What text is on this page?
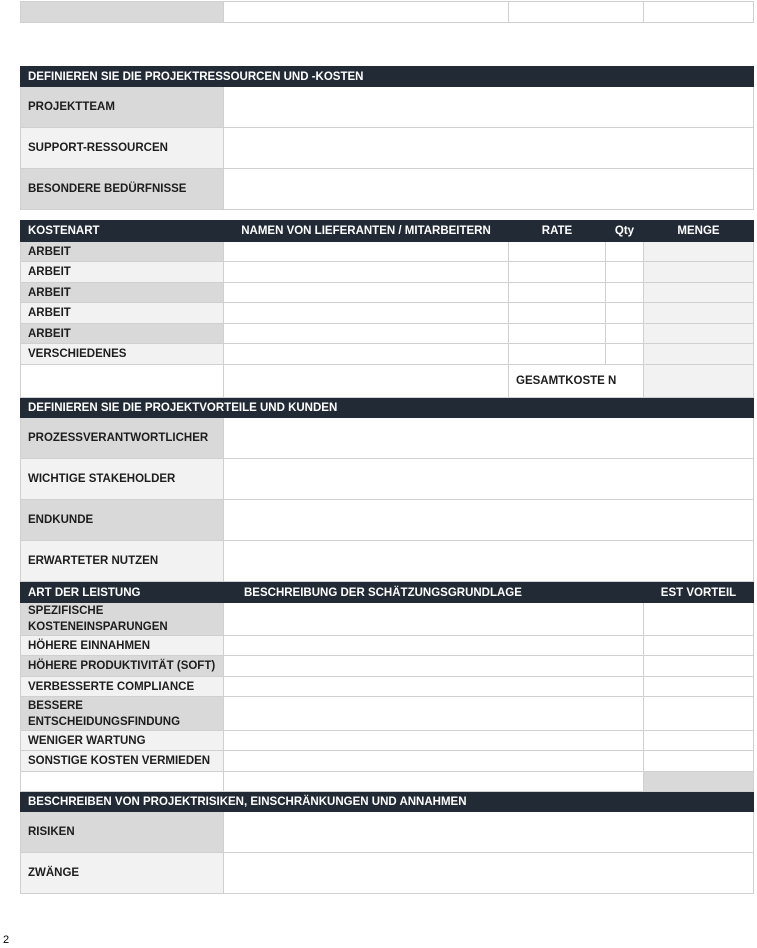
DEFINIEREN SIE DIE PROJEKTRESSOURCEN UND -KOSTEN	
PROJEKTTEAM	
SUPPORT-RESSOURCEN	
BESONDERE BEDÜRFNISSE	
KOSTENART	NAMEN VON LIEFERANTEN / MITARBEITERN	RATE	Qty	MENGE
ARBEIT				
ARBEIT				
ARBEIT				
ARBEIT				
ARBEIT				
VERSCHIEDENES				
		GESAMTKOSTE N		
DEFINIEREN SIE DIE PROJEKTVORTEILE UND KUNDEN				
PROZESSVERANTWORTLICHER				
WICHTIGE STAKEHOLDER				
ENDKUNDE				
ERWARTETER NUTZEN				
ART DER LEISTUNG	BESCHREIBUNG DER SCHÄTZUNGSGRUNDLAGE	EST VORTEIL
SPEZIFISCHE KOSTENEINSPARUNGEN		
HÖHERE EINNAHMEN		
HÖHERE PRODUKTIVITÄT (SOFT)		
VERBESSERTE COMPLIANCE		
BESSERE ENTSCHEIDUNGSFINDUNG		
WENIGER WARTUNG		
SONSTIGE KOSTEN VERMIEDEN		

BESCHREIBEN VON PROJEKTRISIKEN, EINSCHRÄNKUNGEN UND ANNAHMEN		
RISIKEN		
ZWÄNGE		
2
